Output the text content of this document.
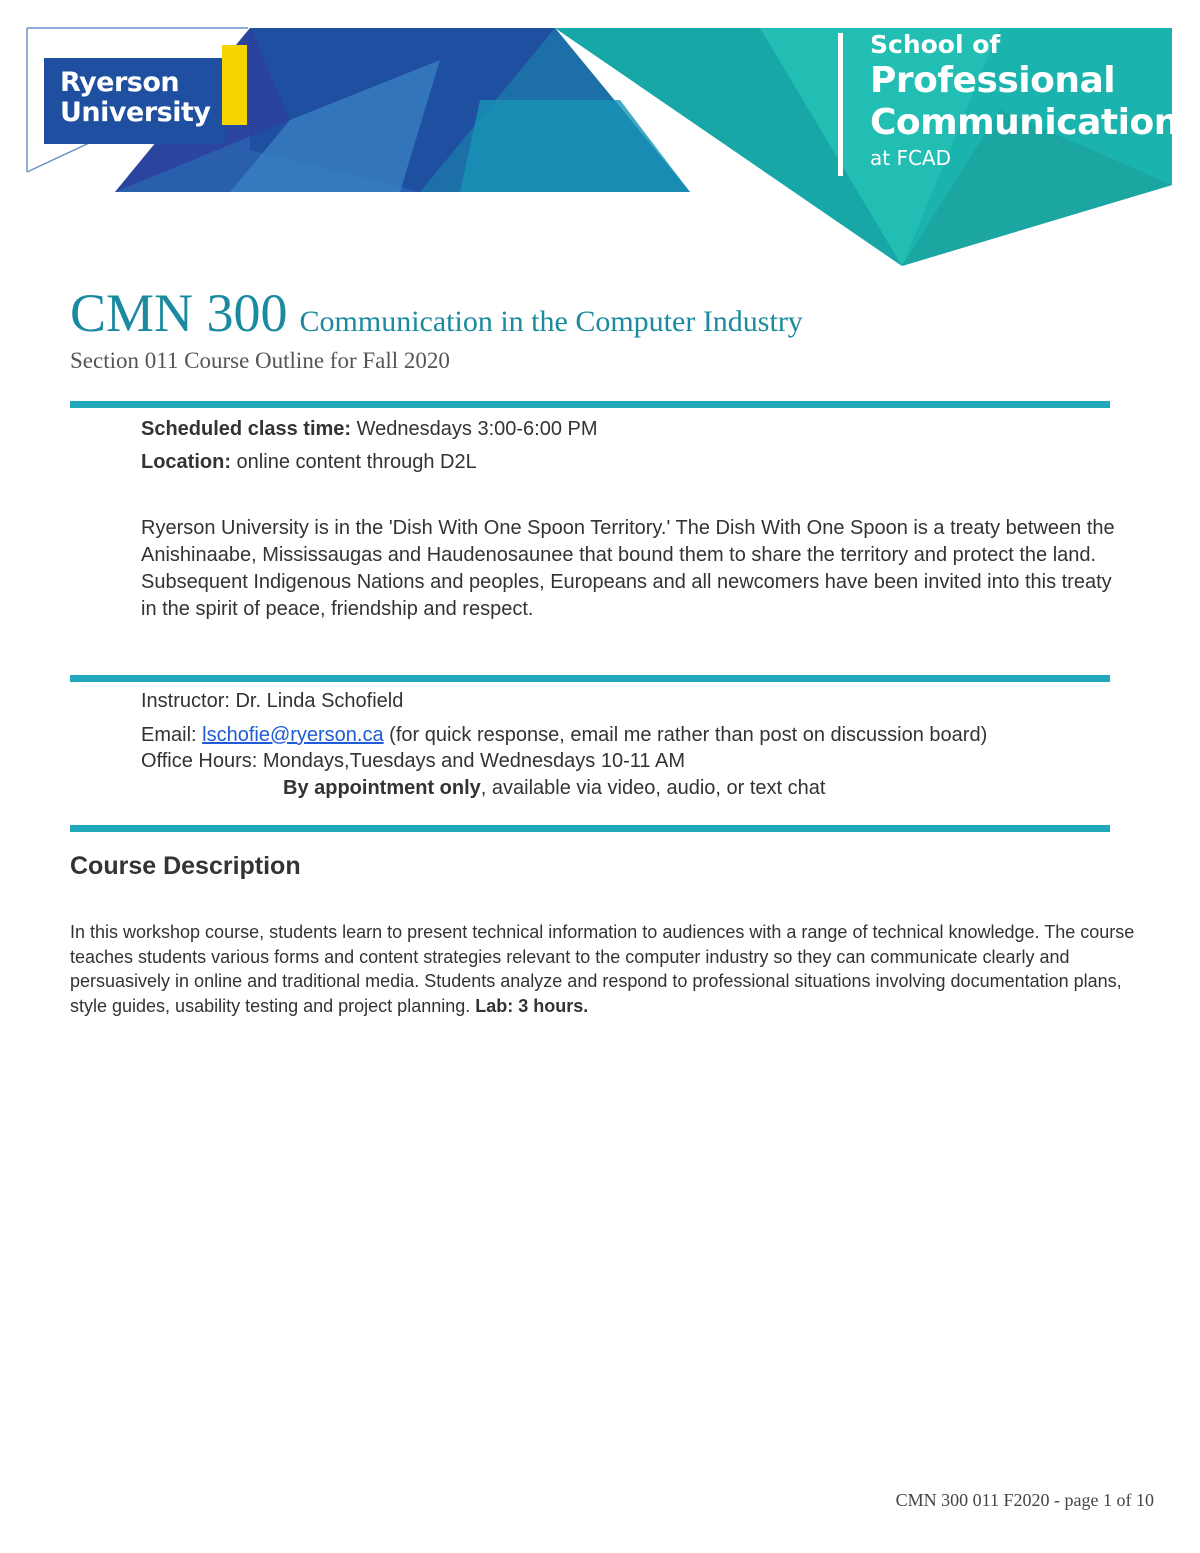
Ryerson
University
School of
Professional
Communication
at FCAD
CMN 300 Communication in the Computer Industry
Section 011 Course Outline for Fall 2020
Scheduled class time: Wednesdays 3:00-6:00 PM
Location: online content through D2L
Ryerson University is in the 'Dish With One Spoon Territory.' The Dish With One Spoon is a treaty between the Anishinaabe, Mississaugas and Haudenosaunee that bound them to share the territory and protect the land. Subsequent Indigenous Nations and peoples, Europeans and all newcomers have been invited into this treaty in the spirit of peace, friendship and respect.
Instructor: Dr. Linda Schofield
Email: lschofie@ryerson.ca (for quick response, email me rather than post on discussion board)
Office Hours: Mondays,Tuesdays and Wednesdays 10-11 AM
By appointment only, available via video, audio, or text chat
Course Description
In this workshop course, students learn to present technical information to audiences with a range of technical knowledge. The course teaches students various forms and content strategies relevant to the computer industry so they can communicate clearly and persuasively in online and traditional media. Students analyze and respond to professional situations involving documentation plans, style guides, usability testing and project planning. Lab: 3 hours.
CMN 300 011 F2020 - page 1 of 10
